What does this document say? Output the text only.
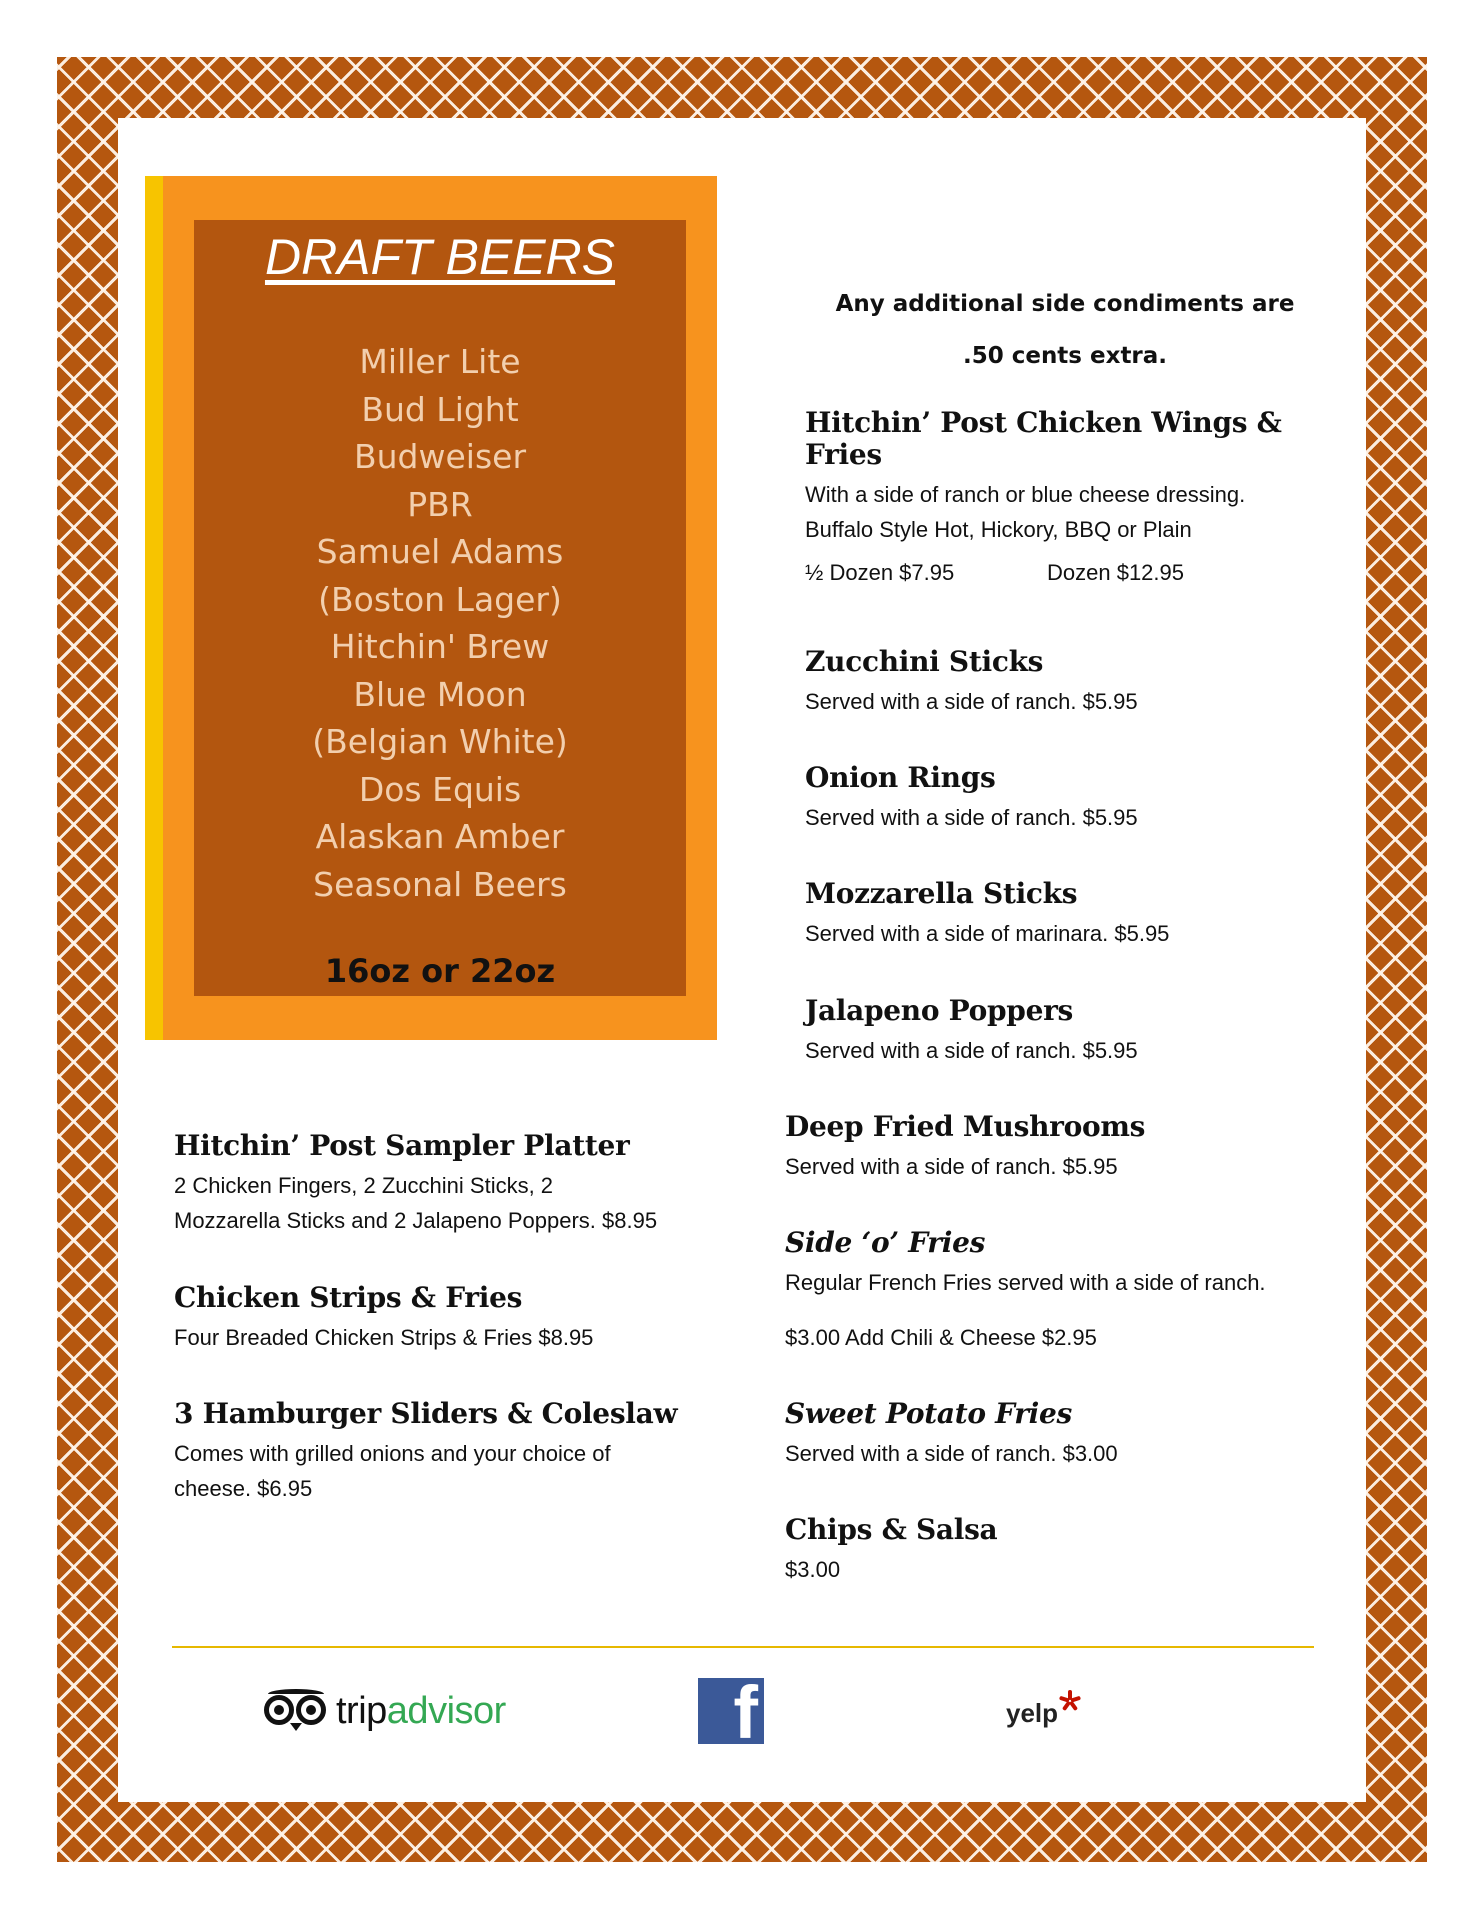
DRAFT BEERS
Miller Lite
Bud Light
Budweiser
PBR
Samuel Adams
(Boston Lager)
Hitchin' Brew
Blue Moon
(Belgian White)
Dos Equis
Alaskan Amber
Seasonal Beers
16oz or 22oz
Any additional side condiments are
.50 cents extra.
Hitchin’ Post Chicken Wings & Fries
With a side of ranch or blue cheese dressing.
Buffalo Style Hot, Hickory, BBQ or Plain
½ Dozen $7.95	Dozen $12.95
Zucchini Sticks
Served with a side of ranch. $5.95
Onion Rings
Served with a side of ranch. $5.95
Mozzarella Sticks
Served with a side of marinara. $5.95
Jalapeno Poppers
Served with a side of ranch. $5.95
Deep Fried Mushrooms
Served with a side of ranch. $5.95
Side ‘o’ Fries
Regular French Fries served with a side of ranch.
$3.00 Add Chili & Cheese $2.95
Sweet Potato Fries
Served with a side of ranch. $3.00
Chips & Salsa
$3.00
Hitchin’ Post Sampler Platter
2 Chicken Fingers, 2 Zucchini Sticks, 2
Mozzarella Sticks and 2 Jalapeno Poppers. $8.95
Chicken Strips & Fries
Four Breaded Chicken Strips & Fries $8.95
3 Hamburger Sliders & Coleslaw
Comes with grilled onions and your choice of
cheese. $6.95
tripadvisor	f	yelp
